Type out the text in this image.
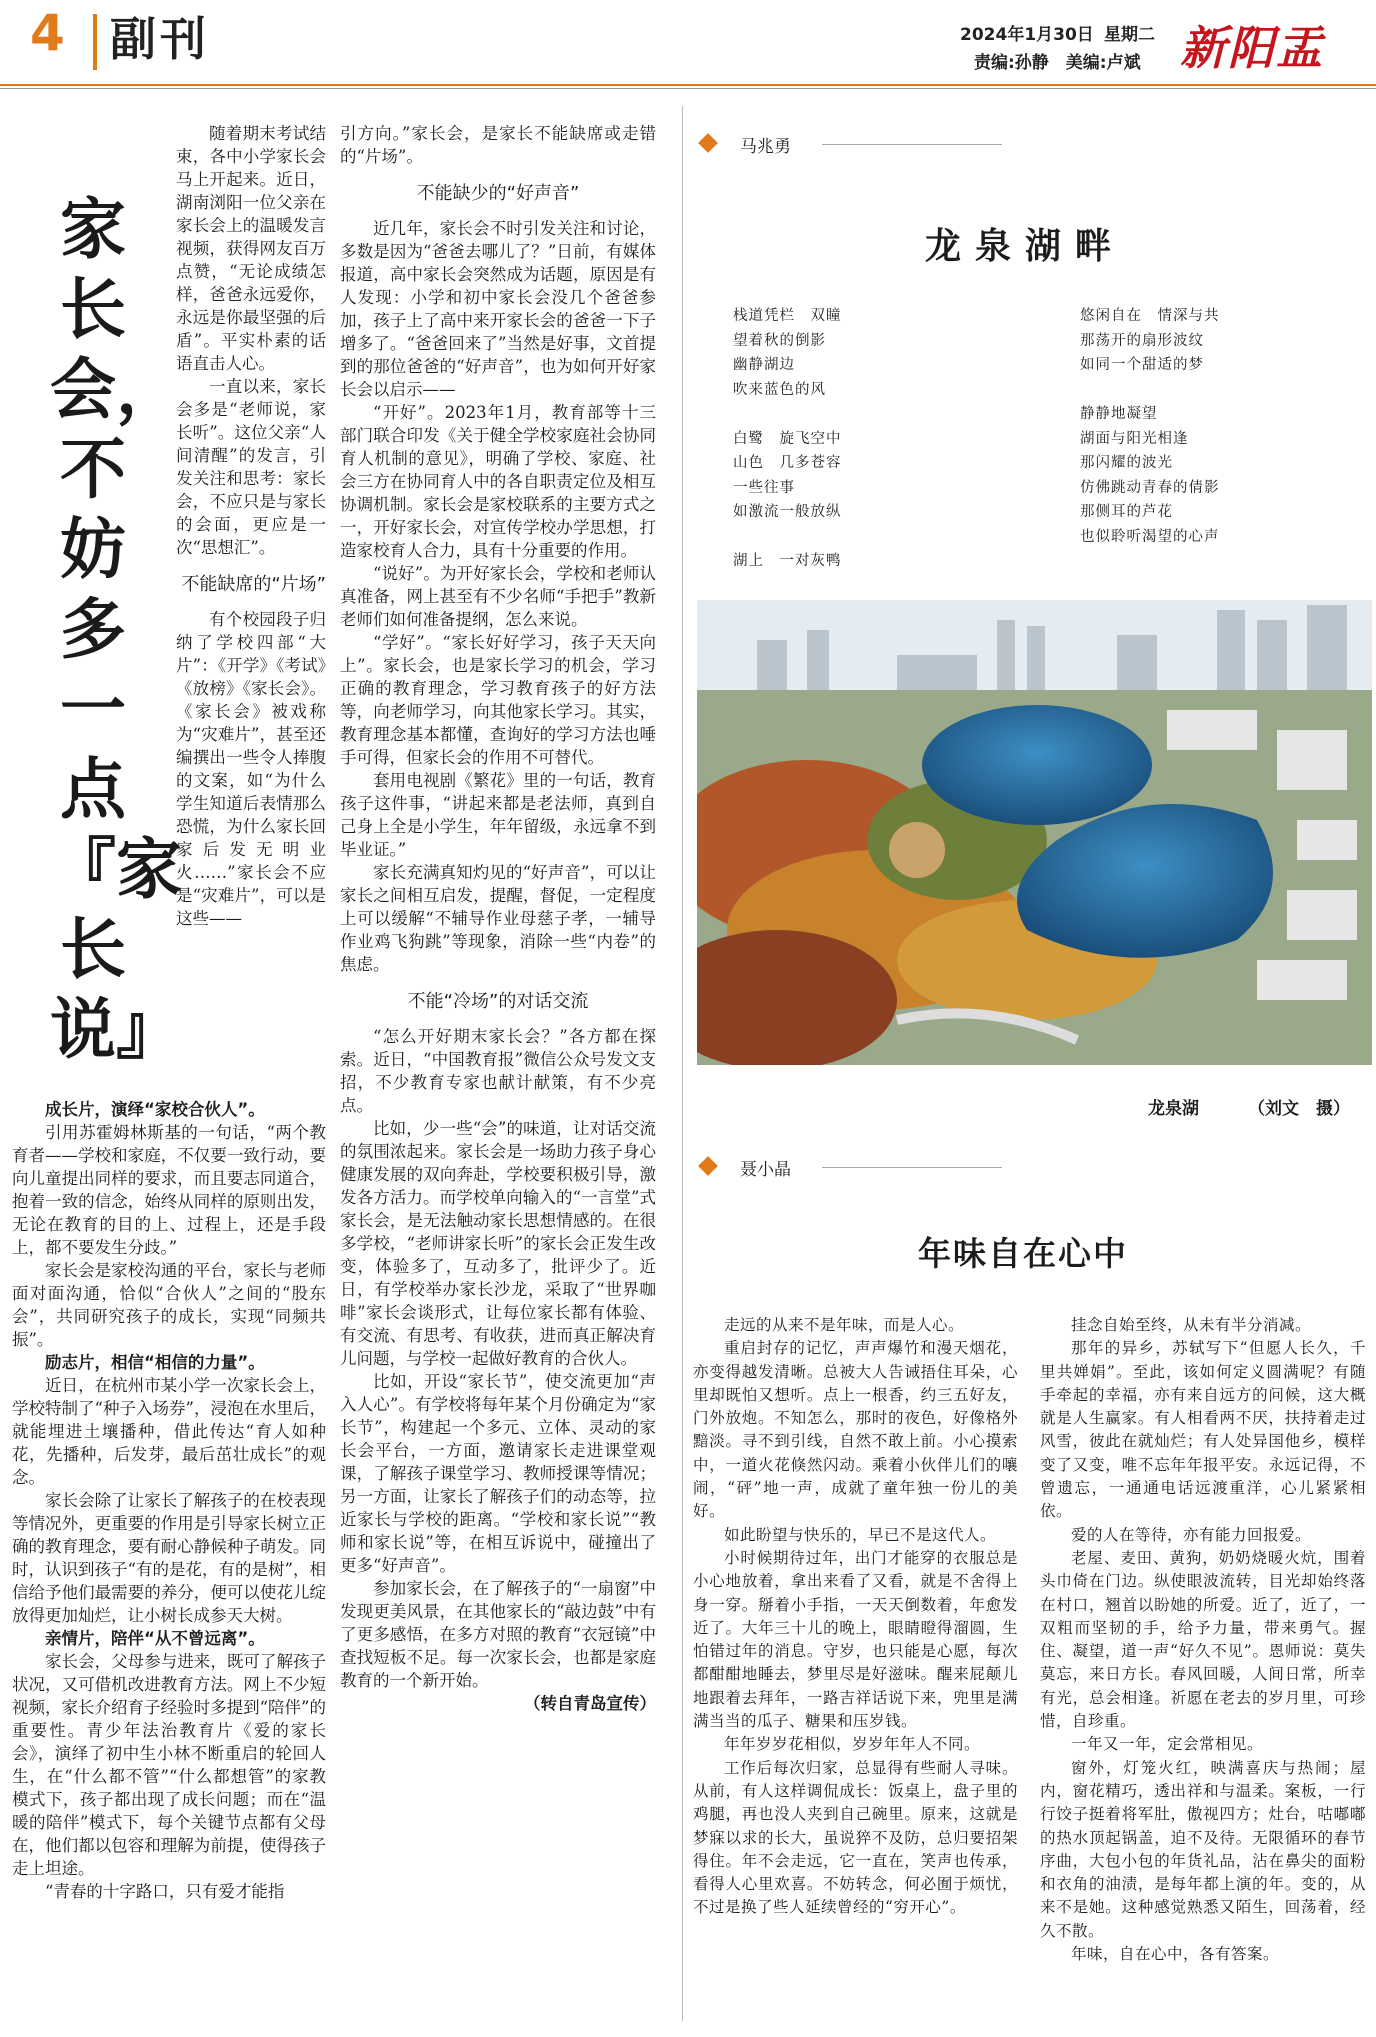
4 副刊	2024年1月30日 星期二
责编:孙静　美编:卢斌 新阳盂
家长会，不妨多一点『家长说』

随着期末考试结束，各中小学家长会马上开起来。近日，湖南浏阳一位父亲在家长会上的温暖发言视频，获得网友百万点赞，“无论成绩怎样，爸爸永远爱你，永远是你最坚强的后盾”。平实朴素的话语直击人心。

一直以来，家长会多是“老师说，家长听”。这位父亲“人间清醒”的发言，引发关注和思考：家长会，不应只是与家长的会面，更应是一次“思想汇”。

不能缺席的“片场”

有个校园段子归纳了学校四部“大片”：《开学》《考试》《放榜》《家长会》。《家长会》被戏称为“灾难片”，甚至还编撰出一些令人捧腹的文案，如“为什么学生知道后表情那么恐慌，为什么家长回家后发无明业火……”家长会不应是“灾难片”，可以是这些——

成长片，演绎“家校合伙人”。

引用苏霍姆林斯基的一句话，“两个教育者——学校和家庭，不仅要一致行动，要向儿童提出同样的要求，而且要志同道合，抱着一致的信念，始终从同样的原则出发，无论在教育的目的上、过程上，还是手段上，都不要发生分歧。”

家长会是家校沟通的平台，家长与老师面对面沟通，恰似“合伙人”之间的“股东会”，共同研究孩子的成长，实现“同频共振”。

励志片，相信“相信的力量”。

近日，在杭州市某小学一次家长会上，学校特制了“种子入场券”，浸泡在水里后，就能埋进土壤播种，借此传达“育人如种花，先播种，后发芽，最后茁壮成长”的观念。

家长会除了让家长了解孩子的在校表现等情况外，更重要的作用是引导家长树立正确的教育理念，要有耐心静候种子萌发。同时，认识到孩子“有的是花，有的是树”，相信给予他们最需要的养分，便可以使花儿绽放得更加灿烂，让小树长成参天大树。

亲情片，陪伴“从不曾远离”。

家长会，父母参与进来，既可了解孩子状况，又可借机改进教育方法。网上不少短视频，家长介绍育子经验时多提到“陪伴”的重要性。青少年法治教育片《爱的家长会》，演绎了初中生小林不断重启的轮回人生，在“什么都不管”“什么都想管”的家教模式下，孩子都出现了成长问题；而在“温暖的陪伴”模式下，每个关键节点都有父母在，他们都以包容和理解为前提，使得孩子走上坦途。

“青春的十字路口，只有爱才能指

引方向。”家长会，是家长不能缺席或走错的“片场”。

不能缺少的“好声音”

近几年，家长会不时引发关注和讨论，多数是因为“爸爸去哪儿了？”日前，有媒体报道，高中家长会突然成为话题，原因是有人发现：小学和初中家长会没几个爸爸参加，孩子上了高中来开家长会的爸爸一下子增多了。“爸爸回来了”当然是好事，文首提到的那位爸爸的“好声音”，也为如何开好家长会以启示——

“开好”。2023年1月，教育部等十三部门联合印发《关于健全学校家庭社会协同育人机制的意见》，明确了学校、家庭、社会三方在协同育人中的各自职责定位及相互协调机制。家长会是家校联系的主要方式之一，开好家长会，对宣传学校办学思想，打造家校育人合力，具有十分重要的作用。

“说好”。为开好家长会，学校和老师认真准备，网上甚至有不少名师“手把手”教新老师们如何准备提纲，怎么来说。

“学好”。“家长好好学习，孩子天天向上”。家长会，也是家长学习的机会，学习正确的教育理念，学习教育孩子的好方法等，向老师学习，向其他家长学习。其实，教育理念基本都懂，查询好的学习方法也唾手可得，但家长会的作用不可替代。

套用电视剧《繁花》里的一句话，教育孩子这件事，“讲起来都是老法师，真到自己身上全是小学生，年年留级，永远拿不到毕业证。”

家长充满真知灼见的“好声音”，可以让家长之间相互启发，提醒，督促，一定程度上可以缓解“不辅导作业母慈子孝，一辅导作业鸡飞狗跳”等现象，消除一些“内卷”的焦虑。

不能“冷场”的对话交流

“怎么开好期末家长会？”各方都在探索。近日，“中国教育报”微信公众号发文支招，不少教育专家也献计献策，有不少亮点。

比如，少一些“会”的味道，让对话交流的氛围浓起来。家长会是一场助力孩子身心健康发展的双向奔赴，学校要积极引导，激发各方活力。而学校单向输入的“一言堂”式家长会，是无法触动家长思想情感的。在很多学校，“老师讲家长听”的家长会正发生改变，体验多了，互动多了，批评少了。近日，有学校举办家长沙龙，采取了“世界咖啡”家长会谈形式，让每位家长都有体验、有交流、有思考、有收获，进而真正解决育儿问题，与学校一起做好教育的合伙人。

比如，开设“家长节”，使交流更加“声入人心”。有学校将每年某个月份确定为“家长节”，构建起一个多元、立体、灵动的家长会平台，一方面，邀请家长走进课堂观课，了解孩子课堂学习、教师授课等情况；另一方面，让家长了解孩子们的动态等，拉近家长与学校的距离。“学校和家长说”“教师和家长说”等，在相互诉说中，碰撞出了更多“好声音”。

参加家长会，在了解孩子的“一扇窗”中发现更美风景，在其他家长的“敲边鼓”中有了更多感悟，在多方对照的教育“衣冠镜”中查找短板不足。每一次家长会，也都是家庭教育的一个新开始。

（转自青岛宣传）

马兆勇
龙泉湖畔
栈道凭栏　双瞳
望着秋的倒影
幽静湖边
吹来蓝色的风
白鹭　旋飞空中
山色　几多苍容
一些往事
如激流一般放纵
湖上　一对灰鸭
悠闲自在　情深与共
那荡开的扇形波纹
如同一个甜适的梦
静静地凝望
湖面与阳光相逢
那闪耀的波光
仿佛跳动青春的倩影
那侧耳的芦花
也似聆听渴望的心声
龙泉湖	（刘文　摄）
聂小晶
年味自在心中

走远的从来不是年味，而是人心。

重启封存的记忆，声声爆竹和漫天烟花，亦变得越发清晰。总被大人告诫捂住耳朵，心里却既怕又想听。点上一根香，约三五好友，门外放炮。不知怎么，那时的夜色，好像格外黯淡。寻不到引线，自然不敢上前。小心摸索中，一道火花倏然闪动。乘着小伙伴儿们的嚷闹，“砰”地一声，成就了童年独一份儿的美好。

如此盼望与快乐的，早已不是这代人。

小时候期待过年，出门才能穿的衣服总是小心地放着，拿出来看了又看，就是不舍得上身一穿。掰着小手指，一天天倒数着，年愈发近了。大年三十儿的晚上，眼睛瞪得溜圆，生怕错过年的消息。守岁，也只能是心愿，每次都酣酣地睡去，梦里尽是好滋味。醒来屁颠儿地跟着去拜年，一路吉祥话说下来，兜里是满满当当的瓜子、糖果和压岁钱。

年年岁岁花相似，岁岁年年人不同。

工作后每次归家，总显得有些耐人寻味。从前，有人这样调侃成长：饭桌上，盘子里的鸡腿，再也没人夹到自己碗里。原来，这就是梦寐以求的长大，虽说猝不及防，总归要招架得住。年不会走远，它一直在，笑声也传承，看得人心里欢喜。不妨转念，何必囿于烦忧，不过是换了些人延续曾经的“穷开心”。

挂念自始至终，从未有半分消减。

那年的异乡，苏轼写下“但愿人长久，千里共婵娟”。至此，该如何定义圆满呢？有随手牵起的幸福，亦有来自远方的问候，这大概就是人生赢家。有人相看两不厌，扶持着走过风雪，彼此在就灿烂；有人处异国他乡，模样变了又变，唯不忘年年报平安。永远记得，不曾遗忘，一通通电话远渡重洋，心儿紧紧相依。

爱的人在等待，亦有能力回报爱。

老屋、麦田、黄狗，奶奶烧暖火炕，围着头巾倚在门边。纵使眼波流转，目光却始终落在村口，翘首以盼她的所爱。近了，近了，一双粗而坚韧的手，给予力量，带来勇气。握住、凝望，道一声“好久不见”。恩师说：莫失莫忘，来日方长。春风回暖，人间日常，所幸有光，总会相逢。祈愿在老去的岁月里，可珍惜，自珍重。

一年又一年，定会常相见。

窗外，灯笼火红，映满喜庆与热闹；屋内，窗花精巧，透出祥和与温柔。案板，一行行饺子挺着将军肚，傲视四方；灶台，咕嘟嘟的热水顶起锅盖，迫不及待。无限循环的春节序曲，大包小包的年货礼品，沾在鼻尖的面粉和衣角的油渍，是每年都上演的年。变的，从来不是她。这种感觉熟悉又陌生，回荡着，经久不散。

年味，自在心中，各有答案。
